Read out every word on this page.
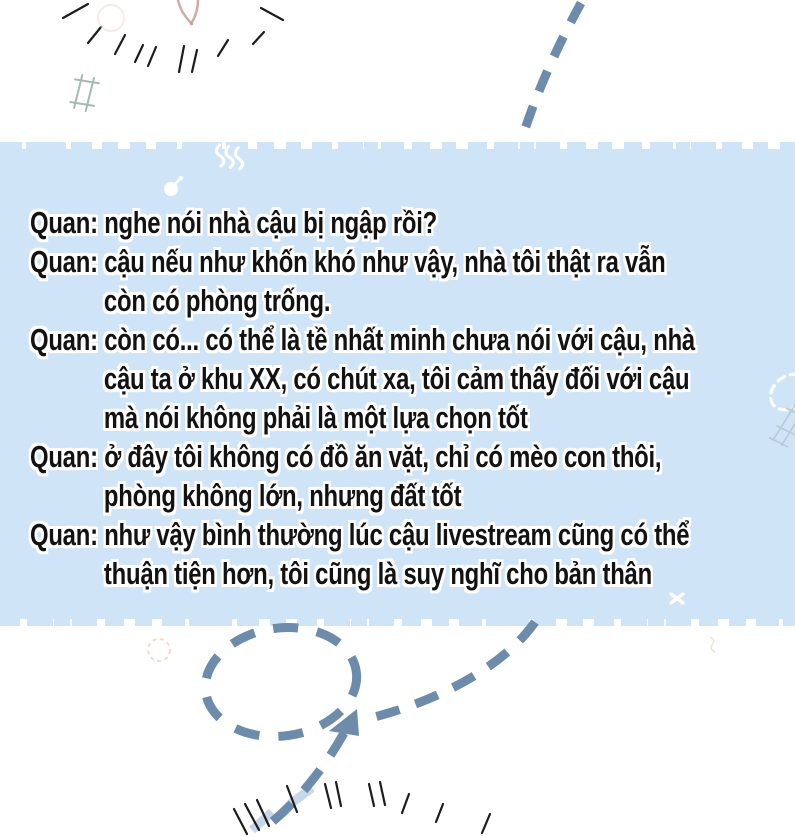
Quan: nghe nói nhà cậu bị ngập rồi?
Quan: cậu nếu như khốn khó như vậy, nhà tôi thật ra vẫn
còn có phòng trống.
Quan: còn có... có thể là tề nhất minh chưa nói với cậu, nhà
cậu ta ở khu XX, có chút xa, tôi cảm thấy đối với cậu
mà nói không phải là một lựa chọn tốt
Quan: ở đây tôi không có đồ ăn vặt, chỉ có mèo con thôi,
phòng không lớn, nhưng đất tốt
Quan: như vậy bình thường lúc cậu livestream cũng có thể
thuận tiện hơn, tôi cũng là suy nghĩ cho bản thân
